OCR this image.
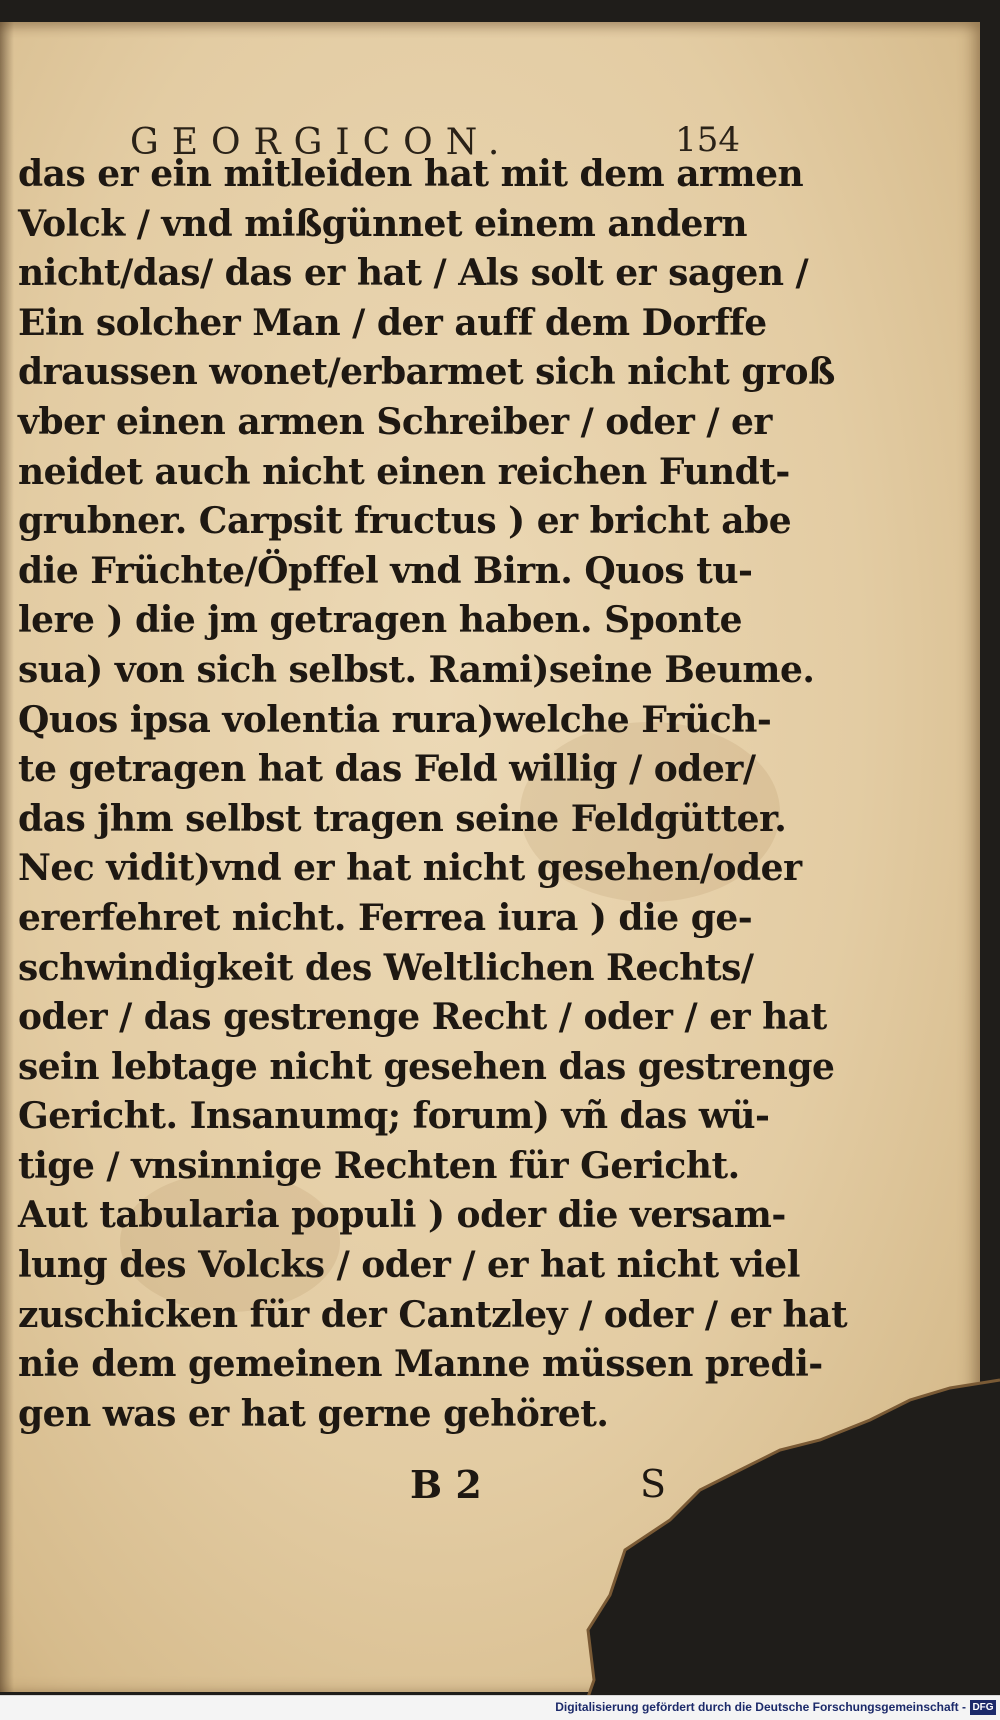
GEORGICON.	154
das er ein mitleiden hat mit dem armen
Volck / vnd mißgünnet einem andern
nicht/das/ das er hat / Als solt er sagen /
Ein solcher Man / der auff dem Dorffe
draussen wonet/erbarmet sich nicht groß
vber einen armen Schreiber / oder / er
neidet auch nicht einen reichen Fundt-
grubner. Carpsit fructus ) er bricht abe
die Früchte/Öpffel vnd Birn. Quos tu-
lere ) die jm getragen haben. Sponte
sua) von sich selbst. Rami)seine Beume.
Quos ipsa volentia rura)welche Früch-
te getragen hat das Feld willig / oder/
das jhm selbst tragen seine Feldgütter.
Nec vidit)vnd er hat nicht gesehen/oder
ererfehret nicht. Ferrea iura ) die ge-
schwindigkeit des Weltlichen Rechts/
oder / das gestrenge Recht / oder / er hat
sein lebtage nicht gesehen das gestrenge
Gericht. Insanumq; forum) vñ das wü-
tige / vnsinnige Rechten für Gericht.
Aut tabularia populi ) oder die versam-
lung des Volcks / oder / er hat nicht viel
zuschicken für der Cantzley / oder / er hat
nie dem gemeinen Manne müssen predi-
gen was er hat gerne gehöret.
B 2	S
Digitalisierung gefördert durch die Deutsche Forschungsgemeinschaft - DFG
